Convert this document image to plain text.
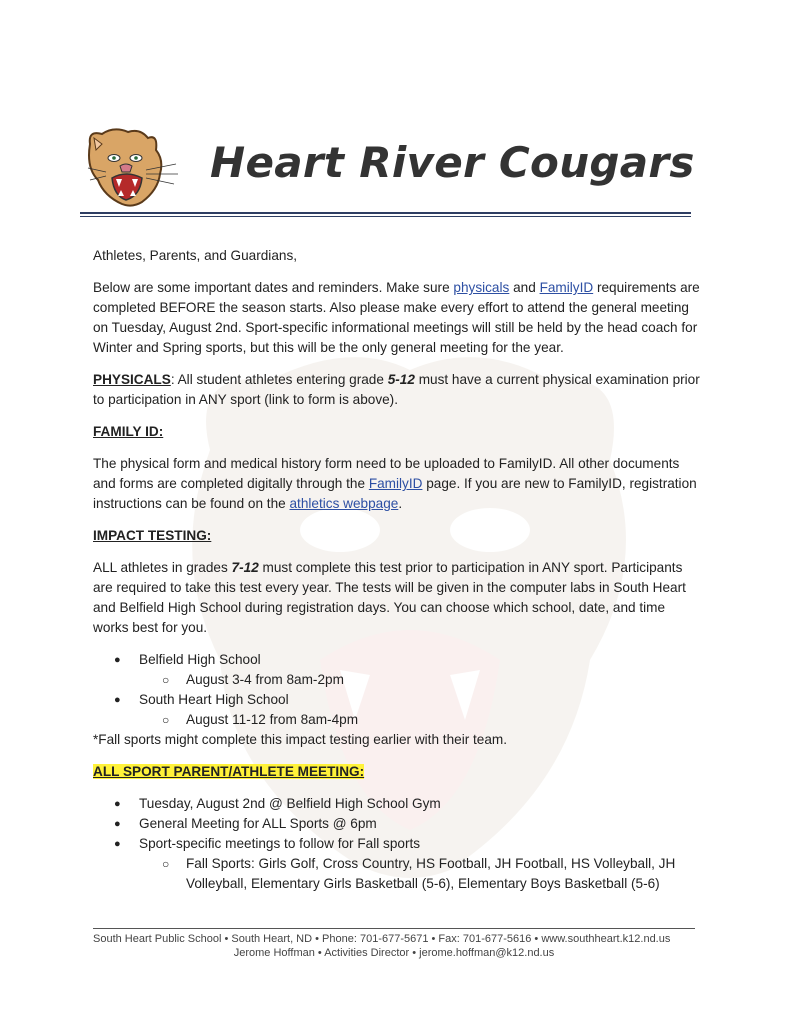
Heart River Cougars

Athletes, Parents, and Guardians,

Below are some important dates and reminders. Make sure physicals and FamilyID requirements are completed BEFORE the season starts. Also please make every effort to attend the general meeting on Tuesday, August 2nd. Sport-specific informational meetings will still be held by the head coach for Winter and Spring sports, but this will be the only general meeting for the year.

PHYSICALS: All student athletes entering grade 5-12 must have a current physical examination prior to participation in ANY sport (link to form is above).

FAMILY ID:

The physical form and medical history form need to be uploaded to FamilyID. All other documents and forms are completed digitally through the FamilyID page. If you are new to FamilyID, registration instructions can be found on the athletics webpage.

IMPACT TESTING:

ALL athletes in grades 7-12 must complete this test prior to participation in ANY sport. Participants are required to take this test every year. The tests will be given in the computer labs in South Heart and Belfield High School during registration days. You can choose which school, date, and time works best for you.

● Belfield High School
○ August 3-4 from 8am-2pm
● South Heart High School
○ August 11-12 from 8am-4pm
*Fall sports might complete this impact testing earlier with their team.

ALL SPORT PARENT/ATHLETE MEETING:

● Tuesday, August 2nd @ Belfield High School Gym
● General Meeting for ALL Sports @ 6pm
● Sport-specific meetings to follow for Fall sports
○ Fall Sports: Girls Golf, Cross Country, HS Football, JH Football, HS Volleyball, JH Volleyball, Elementary Girls Basketball (5-6), Elementary Boys Basketball (5-6)
South Heart Public School • South Heart, ND • Phone: 701-677-5671 • Fax: 701-677-5616 • www.southheart.k12.nd.us
Jerome Hoffman • Activities Director • jerome.hoffman@k12.nd.us
